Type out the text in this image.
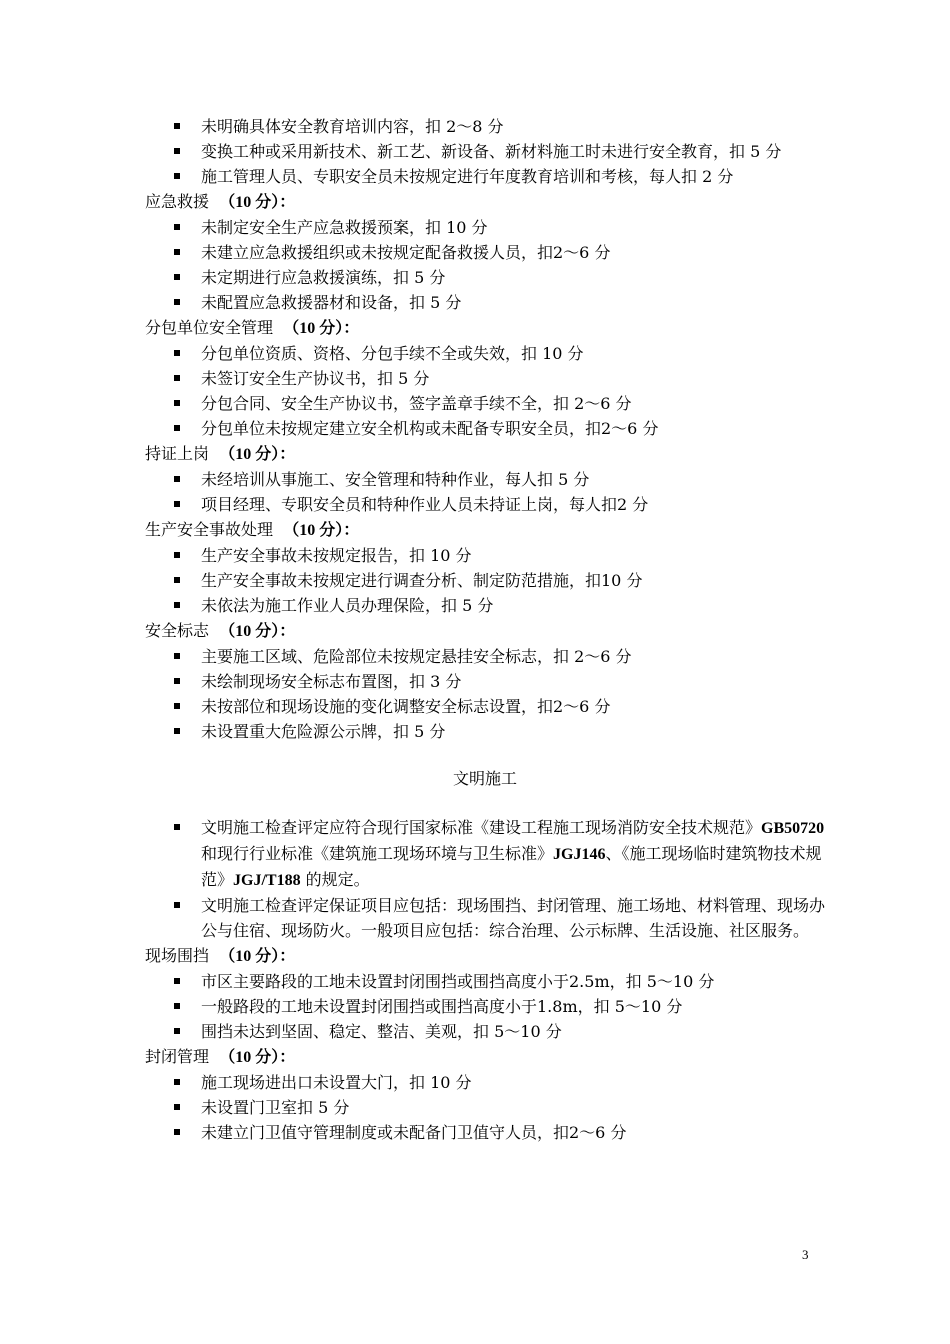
未明确具体安全教育培训内容，扣 2～8 分
变换工种或采用新技术、新工艺、新设备、新材料施工时未进行安全教育，扣 5 分
施工管理人员、专职安全员未按规定进行年度教育培训和考核，每人扣 2 分
应急救援 （10 分）：
未制定安全生产应急救援预案，扣 10 分
未建立应急救援组织或未按规定配备救援人员，扣2～6 分
未定期进行应急救援演练，扣 5 分
未配置应急救援器材和设备，扣 5 分
分包单位安全管理 （10 分）：
分包单位资质、资格、分包手续不全或失效，扣 10 分
未签订安全生产协议书，扣 5 分
分包合同、安全生产协议书，签字盖章手续不全，扣 2～6 分
分包单位未按规定建立安全机构或未配备专职安全员，扣2～6 分
持证上岗 （10 分）：
未经培训从事施工、安全管理和特种作业，每人扣 5 分
项目经理、专职安全员和特种作业人员未持证上岗，每人扣2 分
生产安全事故处理 （10 分）：
生产安全事故未按规定报告，扣 10 分
生产安全事故未按规定进行调查分析、制定防范措施，扣10 分
未依法为施工作业人员办理保险，扣 5 分
安全标志 （10 分）：
主要施工区域、危险部位未按规定悬挂安全标志，扣 2～6 分
未绘制现场安全标志布置图，扣 3 分
未按部位和现场设施的变化调整安全标志设置，扣2～6 分
未设置重大危险源公示牌，扣 5 分
文明施工
文明施工检查评定应符合现行国家标准《建设工程施工现场消防安全技术规范》GB50720 和现行行业标准《建筑施工现场环境与卫生标准》JGJ146、《施工现场临时建筑物技术规范》JGJ/T188 的规定。
文明施工检查评定保证项目应包括：现场围挡、封闭管理、施工场地、材料管理、现场办公与住宿、现场防火。一般项目应包括：综合治理、公示标牌、生活设施、社区服务。
现场围挡 （10 分）：
市区主要路段的工地未设置封闭围挡或围挡高度小于2.5m，扣 5～10 分
一般路段的工地未设置封闭围挡或围挡高度小于1.8m，扣 5～10 分
围挡未达到坚固、稳定、整洁、美观，扣 5～10 分
封闭管理 （10 分）：
施工现场进出口未设置大门，扣 10 分
未设置门卫室扣 5 分
未建立门卫值守管理制度或未配备门卫值守人员，扣2～6 分
3
